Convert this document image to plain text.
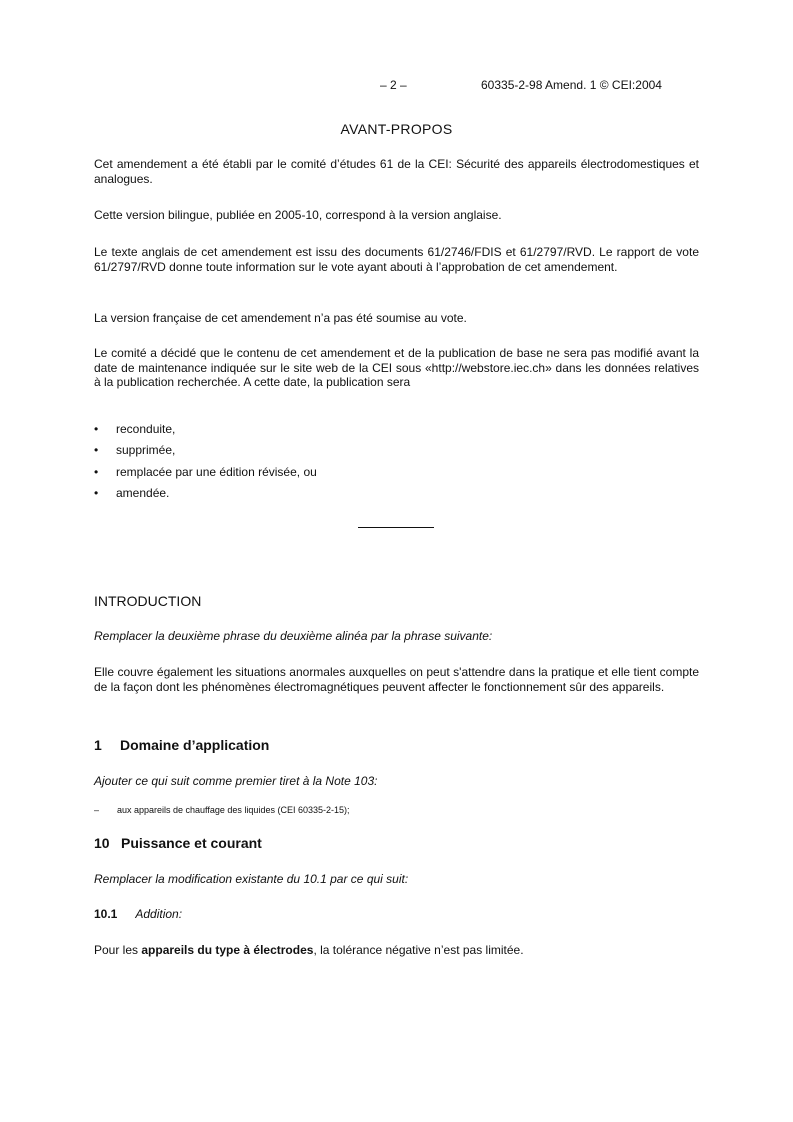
– 2 –	60335-2-98 Amend. 1 © CEI:2004
AVANT-PROPOS
Cet amendement a été établi par le comité d’études 61 de la CEI: Sécurité des appareils électrodomestiques et analogues.
Cette version bilingue, publiée en 2005-10, correspond à la version anglaise.
Le texte anglais de cet amendement est issu des documents 61/2746/FDIS et 61/2797/RVD. Le rapport de vote 61/2797/RVD donne toute information sur le vote ayant abouti à l’approbation de cet amendement.
La version française de cet amendement n’a pas été soumise au vote.
Le comité a décidé que le contenu de cet amendement et de la publication de base ne sera pas modifié avant la date de maintenance indiquée sur le site web de la CEI sous «http://webstore.iec.ch» dans les données relatives à la publication recherchée. A cette date, la publication sera
• reconduite,
• supprimée,
• remplacée par une édition révisée, ou
• amendée.
INTRODUCTION
Remplacer la deuxième phrase du deuxième alinéa par la phrase suivante:
Elle couvre également les situations anormales auxquelles on peut s'attendre dans la pratique et elle tient compte de la façon dont les phénomènes électromagnétiques peuvent affecter le fonctionnement sûr des appareils.
1 Domaine d’application
Ajouter ce qui suit comme premier tiret à la Note 103:
– aux appareils de chauffage des liquides (CEI 60335-2-15);
10 Puissance et courant
Remplacer la modification existante du 10.1 par ce qui suit:
10.1 Addition:
Pour les appareils du type à électrodes, la tolérance négative n’est pas limitée.
